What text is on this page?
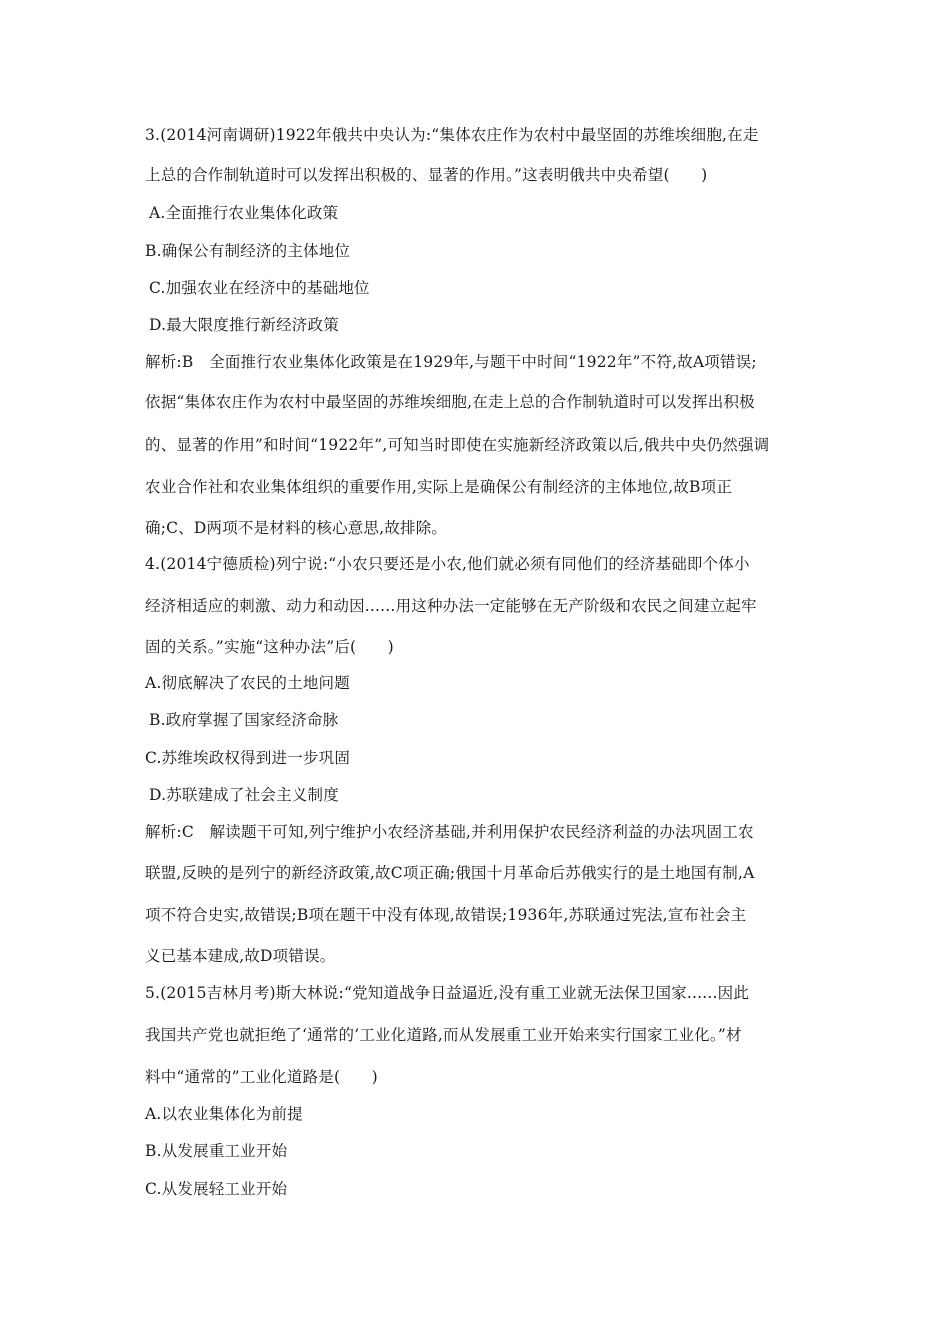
3.(2014河南调研)1922年俄共中央认为:“集体农庄作为农村中最坚固的苏维埃细胞,在走
上总的合作制轨道时可以发挥出积极的、显著的作用。”这表明俄共中央希望(　　)
A.全面推行农业集体化政策
B.确保公有制经济的主体地位
C.加强农业在经济中的基础地位
D.最大限度推行新经济政策
解析:B　全面推行农业集体化政策是在1929年,与题干中时间“1922年”不符,故A项错误;
依据“集体农庄作为农村中最坚固的苏维埃细胞,在走上总的合作制轨道时可以发挥出积极
的、显著的作用”和时间“1922年”,可知当时即使在实施新经济政策以后,俄共中央仍然强调
农业合作社和农业集体组织的重要作用,实际上是确保公有制经济的主体地位,故B项正
确;C、D两项不是材料的核心意思,故排除。
4.(2014宁德质检)列宁说:“小农只要还是小农,他们就必须有同他们的经济基础即个体小
经济相适应的刺激、动力和动因......用这种办法一定能够在无产阶级和农民之间建立起牢
固的关系。”实施“这种办法”后(　　)
A.彻底解决了农民的土地问题
B.政府掌握了国家经济命脉
C.苏维埃政权得到进一步巩固
D.苏联建成了社会主义制度
解析:C　解读题干可知,列宁维护小农经济基础,并利用保护农民经济利益的办法巩固工农
联盟,反映的是列宁的新经济政策,故C项正确;俄国十月革命后苏俄实行的是土地国有制,A
项不符合史实,故错误;B项在题干中没有体现,故错误;1936年,苏联通过宪法,宣布社会主
义已基本建成,故D项错误。
5.(2015吉林月考)斯大林说:“党知道战争日益逼近,没有重工业就无法保卫国家......因此
我国共产党也就拒绝了‘通常的’工业化道路,而从发展重工业开始来实行国家工业化。”材
料中“通常的”工业化道路是(　　)
A.以农业集体化为前提
B.从发展重工业开始
C.从发展轻工业开始
